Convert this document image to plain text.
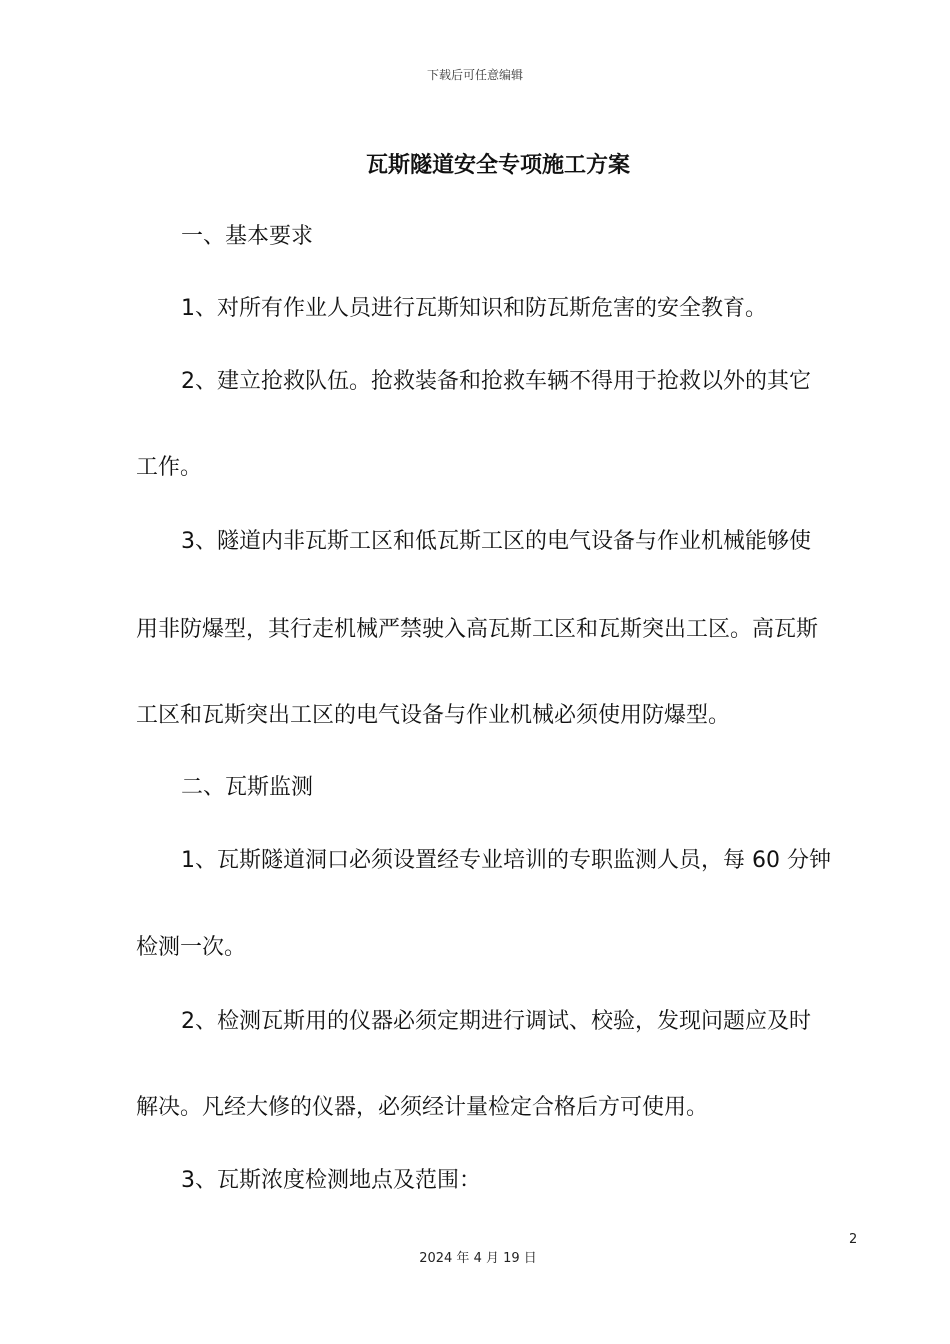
下载后可任意编辑
瓦斯隧道安全专项施工方案
一、基本要求
1、对所有作业人员进行瓦斯知识和防瓦斯危害的安全教育。
2、建立抢救队伍。抢救装备和抢救车辆不得用于抢救以外的其它
工作。
3、隧道内非瓦斯工区和低瓦斯工区的电气设备与作业机械能够使
用非防爆型，其行走机械严禁驶入高瓦斯工区和瓦斯突出工区。高瓦斯
工区和瓦斯突出工区的电气设备与作业机械必须使用防爆型。
二、瓦斯监测
1、瓦斯隧道洞口必须设置经专业培训的专职监测人员，每 60 分钟
检测一次。
2、检测瓦斯用的仪器必须定期进行调试、校验，发现问题应及时
解决。凡经大修的仪器，必须经计量检定合格后方可使用。
3、瓦斯浓度检测地点及范围：
2
2024 年 4 月 19 日
